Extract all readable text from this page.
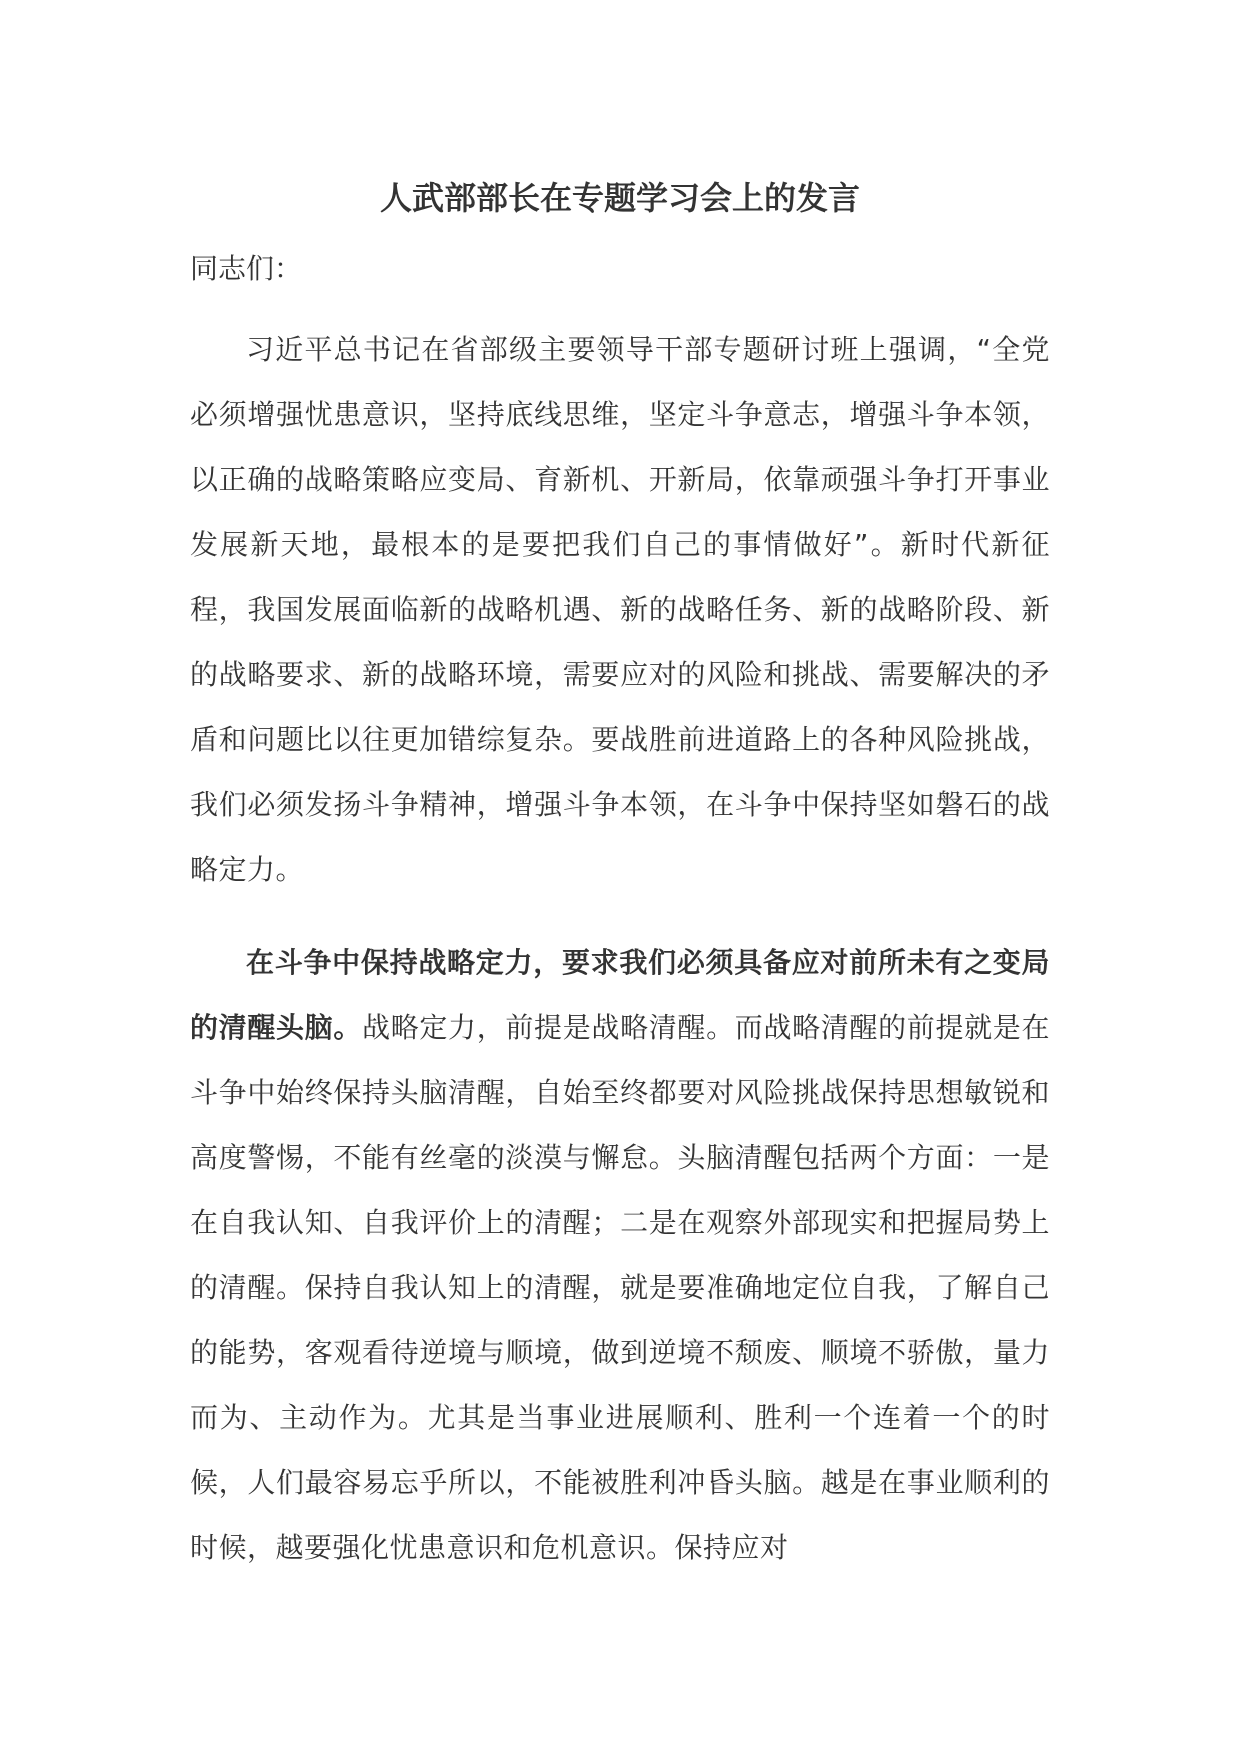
人武部部长在专题学习会上的发言

同志们：

习近平总书记在省部级主要领导干部专题研讨班上强调，“全党必须增强忧患意识，坚持底线思维，坚定斗争意志，增强斗争本领，以正确的战略策略应变局、育新机、开新局，依靠顽强斗争打开事业发展新天地，最根本的是要把我们自己的事情做好”。新时代新征程，我国发展面临新的战略机遇、新的战略任务、新的战略阶段、新的战略要求、新的战略环境，需要应对的风险和挑战、需要解决的矛盾和问题比以往更加错综复杂。要战胜前进道路上的各种风险挑战，我们必须发扬斗争精神，增强斗争本领，在斗争中保持坚如磐石的战略定力。

在斗争中保持战略定力，要求我们必须具备应对前所未有之变局的清醒头脑。战略定力，前提是战略清醒。而战略清醒的前提就是在斗争中始终保持头脑清醒，自始至终都要对风险挑战保持思想敏锐和高度警惕，不能有丝毫的淡漠与懈怠。头脑清醒包括两个方面：一是在自我认知、自我评价上的清醒；二是在观察外部现实和把握局势上的清醒。保持自我认知上的清醒，就是要准确地定位自我，了解自己的能势，客观看待逆境与顺境，做到逆境不颓废、顺境不骄傲，量力而为、主动作为。尤其是当事业进展顺利、胜利一个连着一个的时候，人们最容易忘乎所以，不能被胜利冲昏头脑。越是在事业顺利的时候，越要强化忧患意识和危机意识。保持应对
